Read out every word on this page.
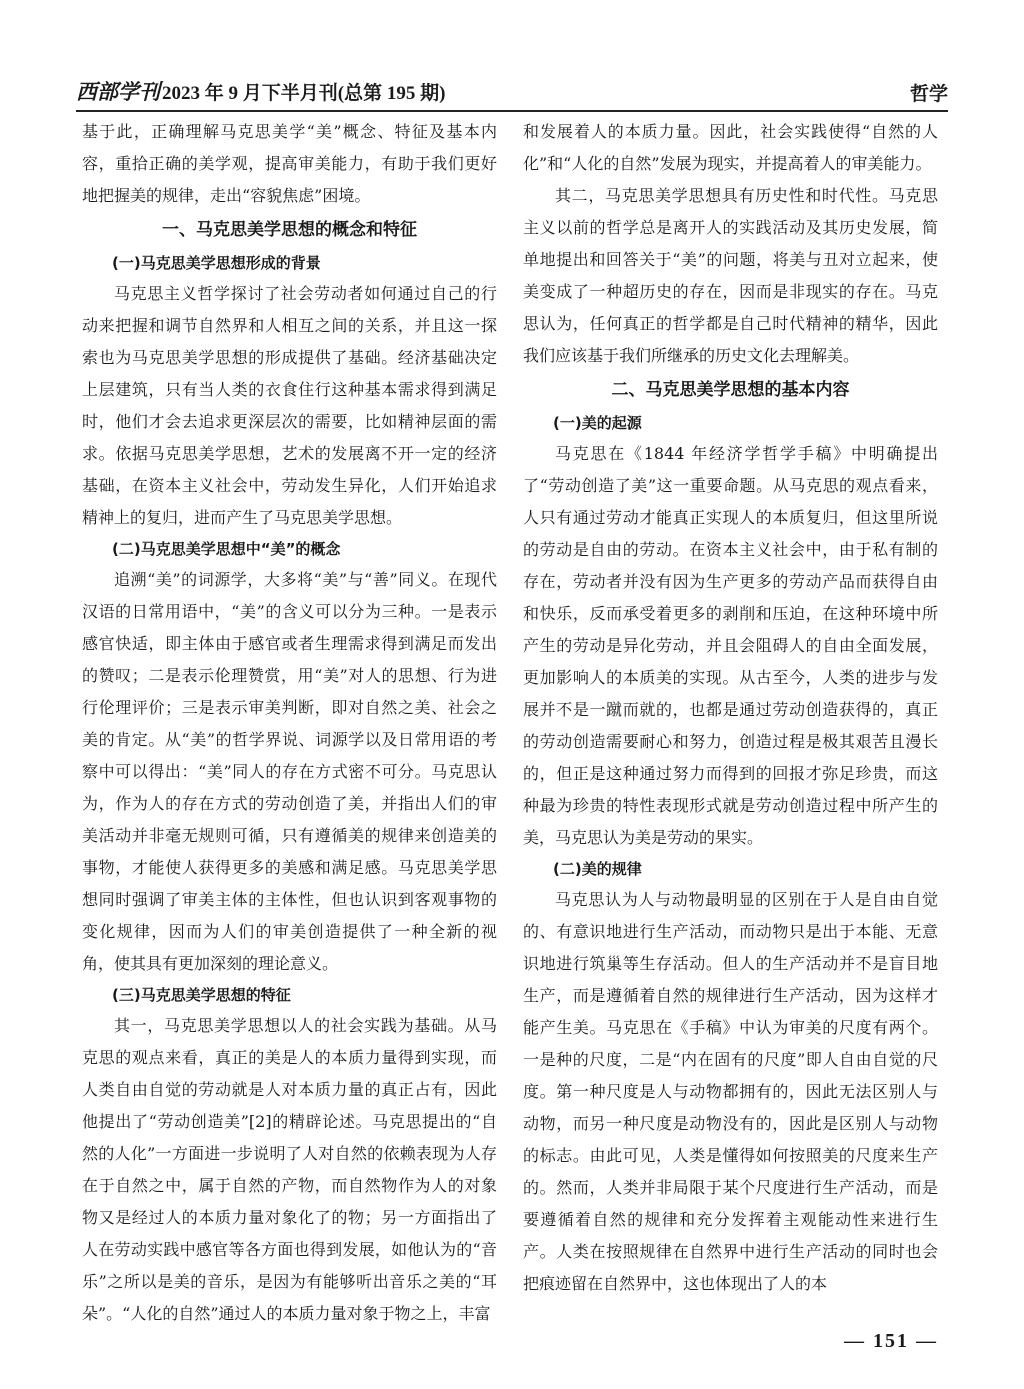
西部学刊 2023 年 9 月下半月刊(总第 195 期)	哲学

基于此，正确理解马克思美学“美”概念、特征及基本内容，重拾正确的美学观，提高审美能力，有助于我们更好地把握美的规律，走出“容貌焦虑”困境。

一、马克思美学思想的概念和特征
(一)马克思美学思想形成的背景

马克思主义哲学探讨了社会劳动者如何通过自己的行动来把握和调节自然界和人相互之间的关系，并且这一探索也为马克思美学思想的形成提供了基础。经济基础决定上层建筑，只有当人类的衣食住行这种基本需求得到满足时，他们才会去追求更深层次的需要，比如精神层面的需求。依据马克思美学思想，艺术的发展离不开一定的经济基础，在资本主义社会中，劳动发生异化，人们开始追求精神上的复归，进而产生了马克思美学思想。

(二)马克思美学思想中“美”的概念

追溯“美”的词源学，大多将“美”与“善”同义。在现代汉语的日常用语中，“美”的含义可以分为三种。一是表示感官快适，即主体由于感官或者生理需求得到满足而发出的赞叹；二是表示伦理赞赏，用“美”对人的思想、行为进行伦理评价；三是表示审美判断，即对自然之美、社会之美的肯定。从“美”的哲学界说、词源学以及日常用语的考察中可以得出：“美”同人的存在方式密不可分。马克思认为，作为人的存在方式的劳动创造了美，并指出人们的审美活动并非毫无规则可循，只有遵循美的规律来创造美的事物，才能使人获得更多的美感和满足感。马克思美学思想同时强调了审美主体的主体性，但也认识到客观事物的变化规律，因而为人们的审美创造提供了一种全新的视角，使其具有更加深刻的理论意义。

(三)马克思美学思想的特征

其一，马克思美学思想以人的社会实践为基础。从马克思的观点来看，真正的美是人的本质力量得到实现，而人类自由自觉的劳动就是人对本质力量的真正占有，因此他提出了“劳动创造美”[2]的精辟论述。马克思提出的“自然的人化”一方面进一步说明了人对自然的依赖表现为人存在于自然之中，属于自然的产物，而自然物作为人的对象物又是经过人的本质力量对象化了的物；另一方面指出了人在劳动实践中感官等各方面也得到发展，如他认为的“音乐”之所以是美的音乐，是因为有能够听出音乐之美的“耳朵”。“人化的自然”通过人的本质力量对象于物之上，丰富

和发展着人的本质力量。因此，社会实践使得“自然的人化”和“人化的自然”发展为现实，并提高着人的审美能力。

其二，马克思美学思想具有历史性和时代性。马克思主义以前的哲学总是离开人的实践活动及其历史发展，简单地提出和回答关于“美”的问题，将美与丑对立起来，使美变成了一种超历史的存在，因而是非现实的存在。马克思认为，任何真正的哲学都是自己时代精神的精华，因此我们应该基于我们所继承的历史文化去理解美。

二、马克思美学思想的基本内容
(一)美的起源

马克思在《1844 年经济学哲学手稿》中明确提出了“劳动创造了美”这一重要命题。从马克思的观点看来，人只有通过劳动才能真正实现人的本质复归，但这里所说的劳动是自由的劳动。在资本主义社会中，由于私有制的存在，劳动者并没有因为生产更多的劳动产品而获得自由和快乐，反而承受着更多的剥削和压迫，在这种环境中所产生的劳动是异化劳动，并且会阻碍人的自由全面发展，更加影响人的本质美的实现。从古至今，人类的进步与发展并不是一蹴而就的，也都是通过劳动创造获得的，真正的劳动创造需要耐心和努力，创造过程是极其艰苦且漫长的，但正是这种通过努力而得到的回报才弥足珍贵，而这种最为珍贵的特性表现形式就是劳动创造过程中所产生的美，马克思认为美是劳动的果实。

(二)美的规律

马克思认为人与动物最明显的区别在于人是自由自觉的、有意识地进行生产活动，而动物只是出于本能、无意识地进行筑巢等生存活动。但人的生产活动并不是盲目地生产，而是遵循着自然的规律进行生产活动，因为这样才能产生美。马克思在《手稿》中认为审美的尺度有两个。一是种的尺度，二是“内在固有的尺度”即人自由自觉的尺度。第一种尺度是人与动物都拥有的，因此无法区别人与动物，而另一种尺度是动物没有的，因此是区别人与动物的标志。由此可见，人类是懂得如何按照美的尺度来生产的。然而，人类并非局限于某个尺度进行生产活动，而是要遵循着自然的规律和充分发挥着主观能动性来进行生产。人类在按照规律在自然界中进行生产活动的同时也会把痕迹留在自然界中，这也体现出了人的本

— 151 —
